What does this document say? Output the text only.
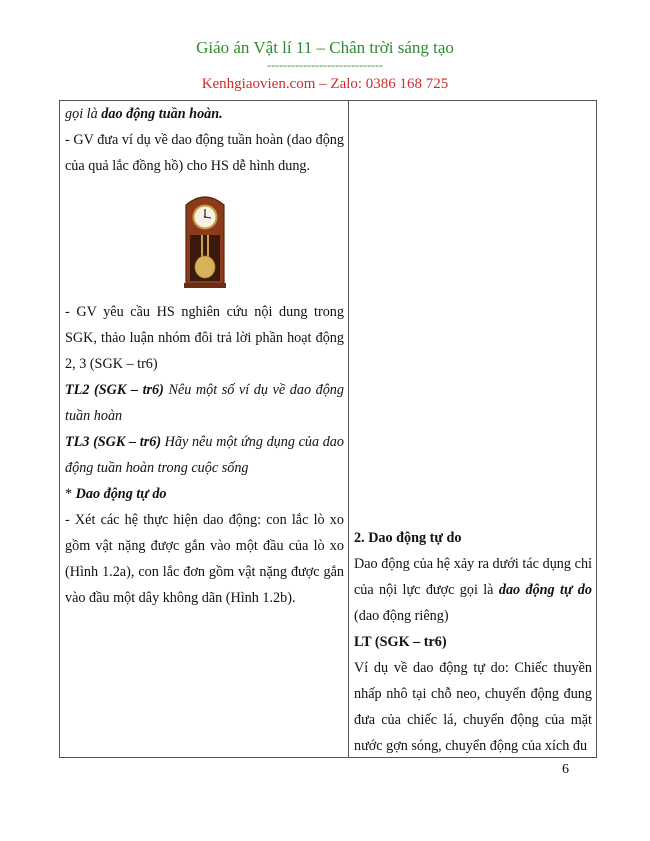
Giáo án Vật lí 11 – Chân trời sáng tạo
-----------------------------
Kenhgiaovien.com – Zalo: 0386 168 725

gọi là dao động tuần hoàn.

- GV đưa ví dụ về dao động tuần hoàn (dao động của quả lắc đồng hồ) cho HS dễ hình dung.

- GV yêu cầu HS nghiên cứu nội dung trong SGK, thảo luận nhóm đôi trả lời phần hoạt động 2, 3 (SGK – tr6)

TL2 (SGK – tr6) Nêu một số ví dụ về dao động tuần hoàn

TL3 (SGK – tr6) Hãy nêu một ứng dụng của dao động tuần hoàn trong cuộc sống

* Dao động tự do

- Xét các hệ thực hiện dao động: con lắc lò xo gồm vật nặng được gắn vào một đầu của lò xo (Hình 1.2a), con lắc đơn gồm vật nặng được gắn vào đầu một dây không dãn (Hình 1.2b).

2. Dao động tự do

Dao động của hệ xảy ra dưới tác dụng chỉ của nội lực được gọi là dao động tự do (dao động riêng)

LT (SGK – tr6)

Ví dụ về dao động tự do: Chiếc thuyền nhấp nhô tại chỗ neo, chuyển động đung đưa của chiếc lá, chuyển động của mặt nước gợn sóng, chuyển động của xích đu

6
